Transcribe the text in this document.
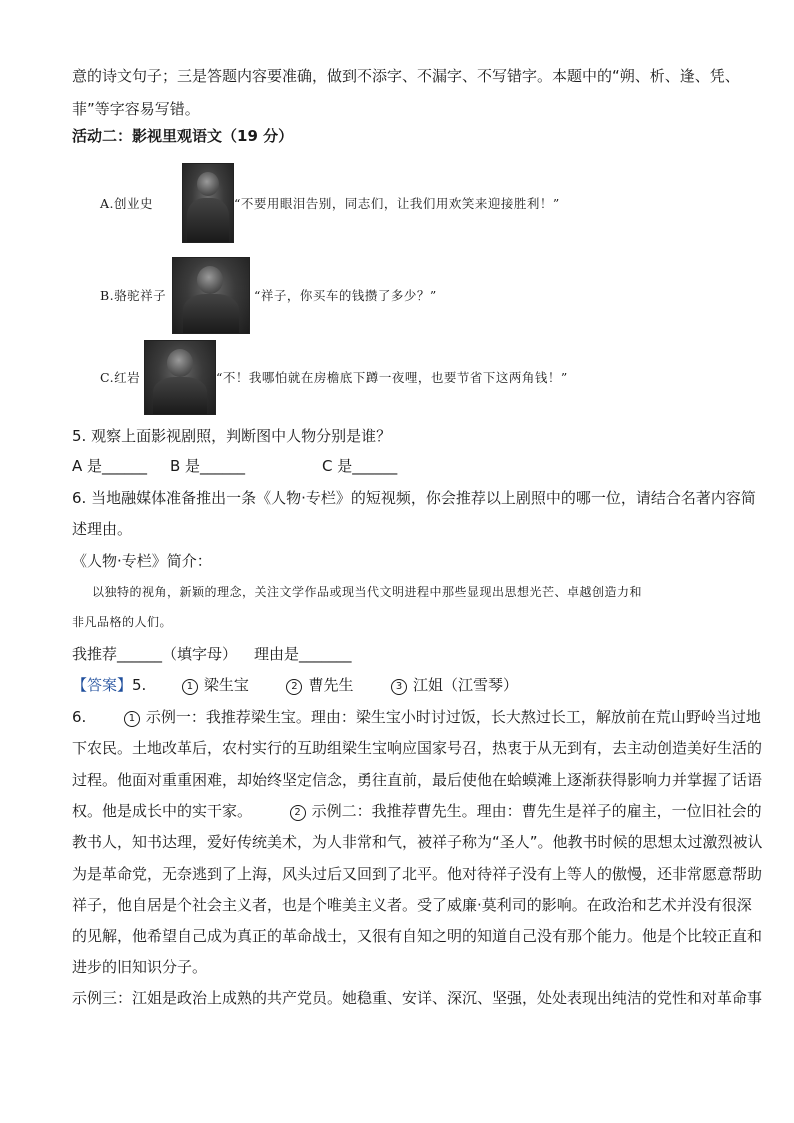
意的诗文句子；三是答题内容要准确，做到不添字、不漏字、不写错字。本题中的“朔、析、逢、凭、
菲”等字容易写错。
活动二：影视里观语文（19 分）
A.创业史	“不要用眼泪告别，同志们，让我们用欢笑来迎接胜利！”
B.骆驼祥子	“祥子，你买车的钱攒了多少？”
C.红岩	“不！我哪怕就在房檐底下蹲一夜哩，也要节省下这两角钱！”
5. 观察上面影视剧照，判断图中人物分别是谁？
A 是______ B 是______	C 是______
6. 当地融媒体准备推出一条《人物·专栏》的短视频，你会推荐以上剧照中的哪一位，请结合名著内容简
述理由。
《人物·专栏》简介：
以独特的视角，新颖的理念，关注文学作品或现当代文明进程中那些显现出思想光芒、卓越创造力和
非凡品格的人们。
我推荐______（填字母） 理由是_______
【答案】5.	1 梁生宝	2 曹先生	3 江姐（江雪琴）
6.	1 示例一：我推荐梁生宝。理由：梁生宝小时讨过饭，长大熬过长工，解放前在荒山野岭当过地
下农民。土地改革后，农村实行的互助组梁生宝响应国家号召，热衷于从无到有，去主动创造美好生活的
过程。他面对重重困难，却始终坚定信念，勇往直前，最后使他在蛤蟆滩上逐渐获得影响力并掌握了话语
权。他是成长中的实干家。	2 示例二：我推荐曹先生。理由：曹先生是祥子的雇主，一位旧社会的
教书人，知书达理，爱好传统美术，为人非常和气，被祥子称为“圣人”。他教书时候的思想太过激烈被认
为是革命党，无奈逃到了上海，风头过后又回到了北平。他对待祥子没有上等人的傲慢，还非常愿意帮助
祥子，他自居是个社会主义者，也是个唯美主义者。受了威廉·莫利司的影响。在政治和艺术并没有很深
的见解，他希望自己成为真正的革命战士，又很有自知之明的知道自己没有那个能力。他是个比较正直和
进步的旧知识分子。
示例三：江姐是政治上成熟的共产党员。她稳重、安详、深沉、坚强，处处表现出纯洁的党性和对革命事
